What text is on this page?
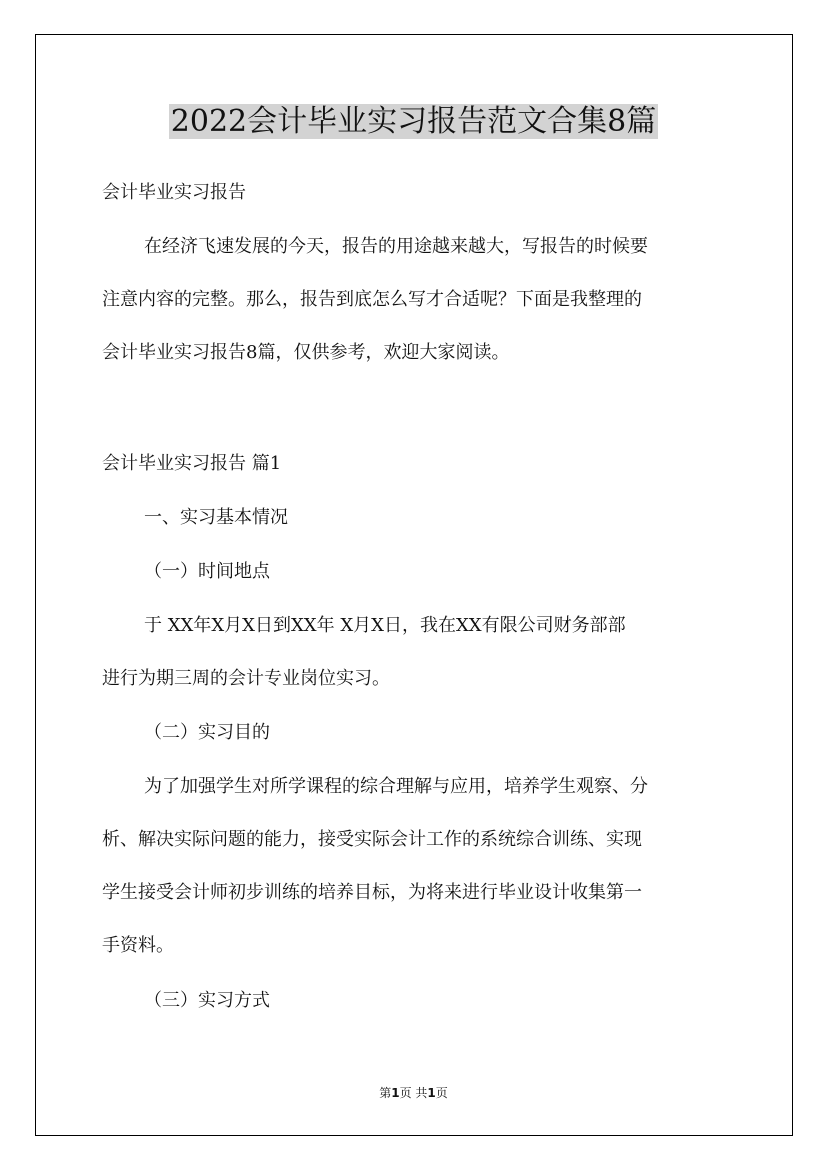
2022会计毕业实习报告范文合集8篇

会计毕业实习报告

在经济飞速发展的今天，报告的用途越来越大，写报告的时候要

注意内容的完整。那么，报告到底怎么写才合适呢？下面是我整理的

会计毕业实习报告8篇，仅供参考，欢迎大家阅读。

会计毕业实习报告 篇1

一、实习基本情况

（一）时间地点

于 XX年X月X日到XX年 X月X日，我在XX有限公司财务部部

进行为期三周的会计专业岗位实习。

（二）实习目的

为了加强学生对所学课程的综合理解与应用，培养学生观察、分

析、解决实际问题的能力，接受实际会计工作的系统综合训练、实现

学生接受会计师初步训练的培养目标，为将来进行毕业设计收集第一

手资料。

（三）实习方式

第1页 共1页
